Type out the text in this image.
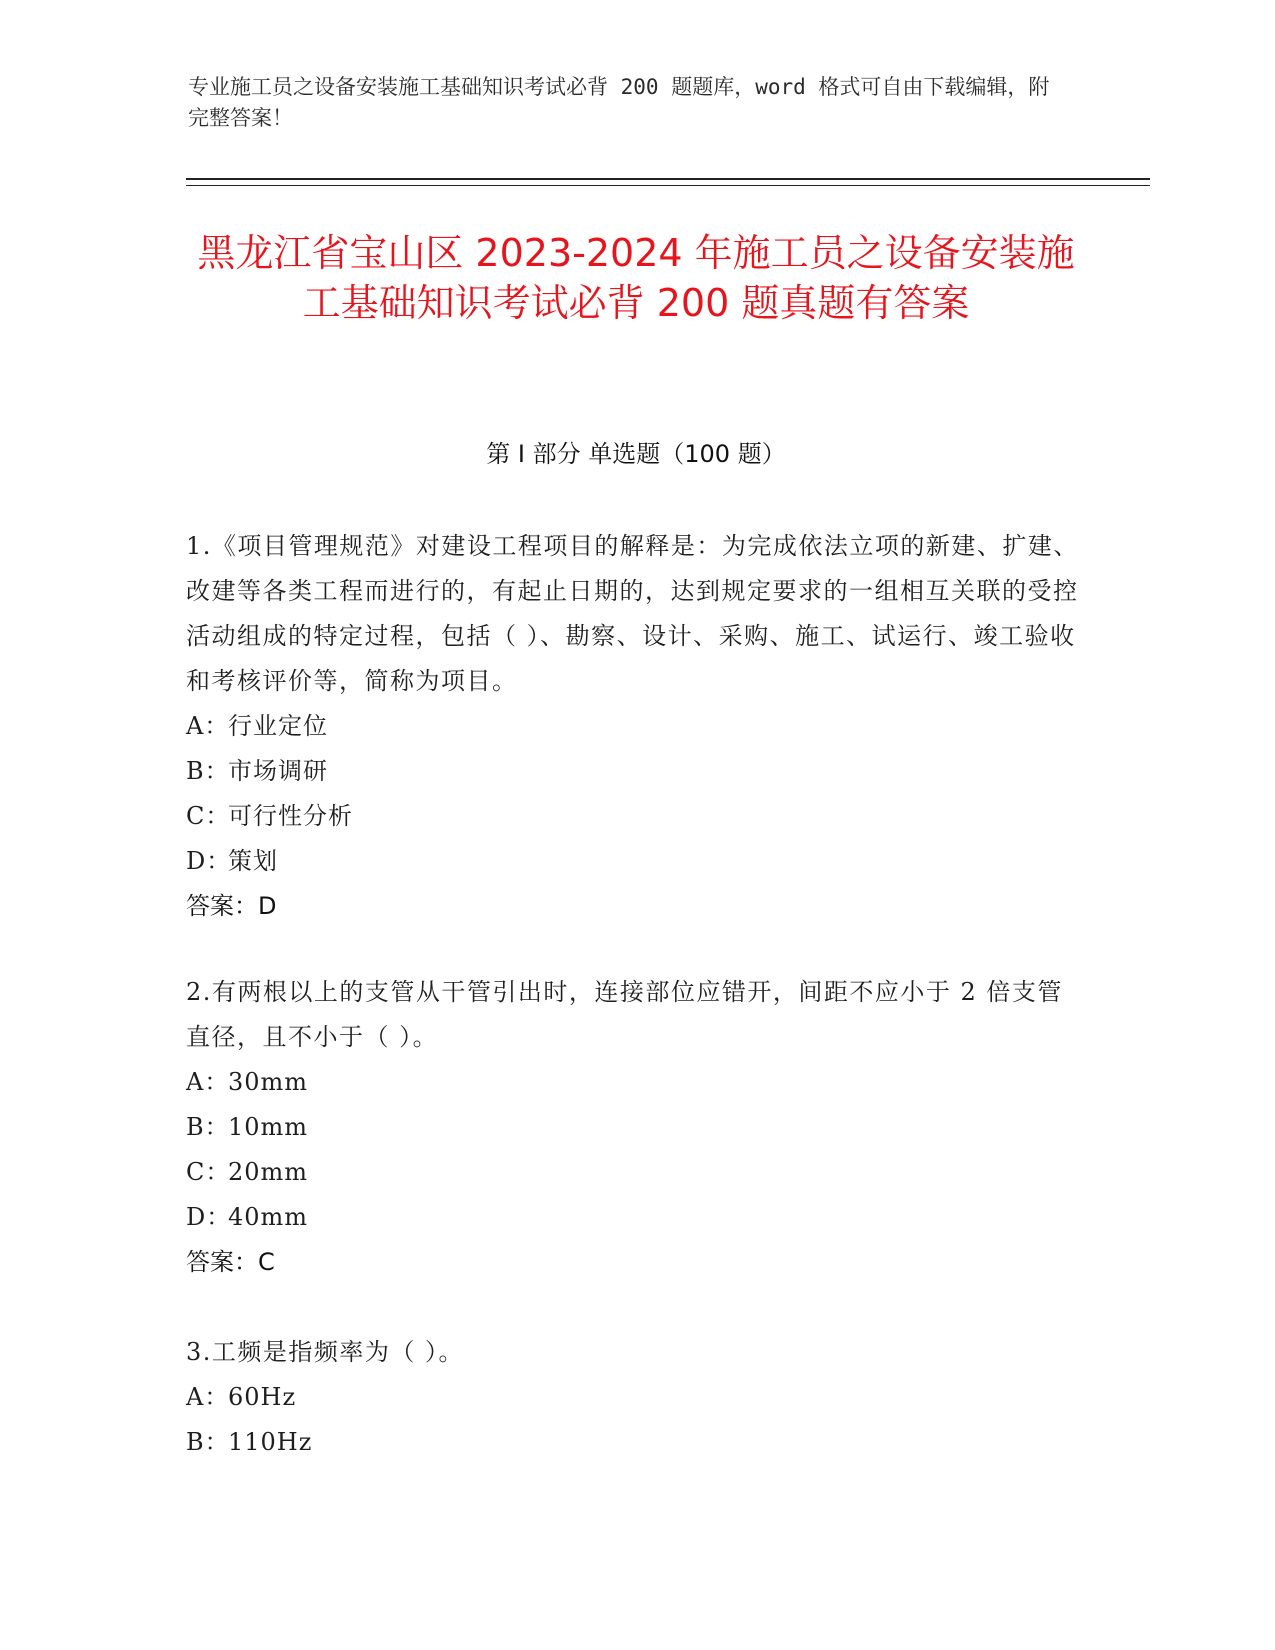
专业施工员之设备安装施工基础知识考试必背 200 题题库，word 格式可自由下载编辑，附完整答案！
黑龙江省宝山区 2023-2024 年施工员之设备安装施工基础知识考试必背 200 题真题有答案
第 I 部分 单选题（100 题）

1.《项目管理规范》对建设工程项目的解释是：为完成依法立项的新建、扩建、改建等各类工程而进行的，有起止日期的，达到规定要求的一组相互关联的受控活动组成的特定过程，包括（ ）、勘察、设计、采购、施工、试运行、竣工验收和考核评价等，简称为项目。

A：行业定位
B：市场调研
C：可行性分析
D：策划
答案：D

2.有两根以上的支管从干管引出时，连接部位应错开，间距不应小于 2 倍支管直径，且不小于（ ）。

A：30mm
B：10mm
C：20mm
D：40mm
答案：C

3.工频是指频率为（ ）。

A：60Hz
B：110Hz
